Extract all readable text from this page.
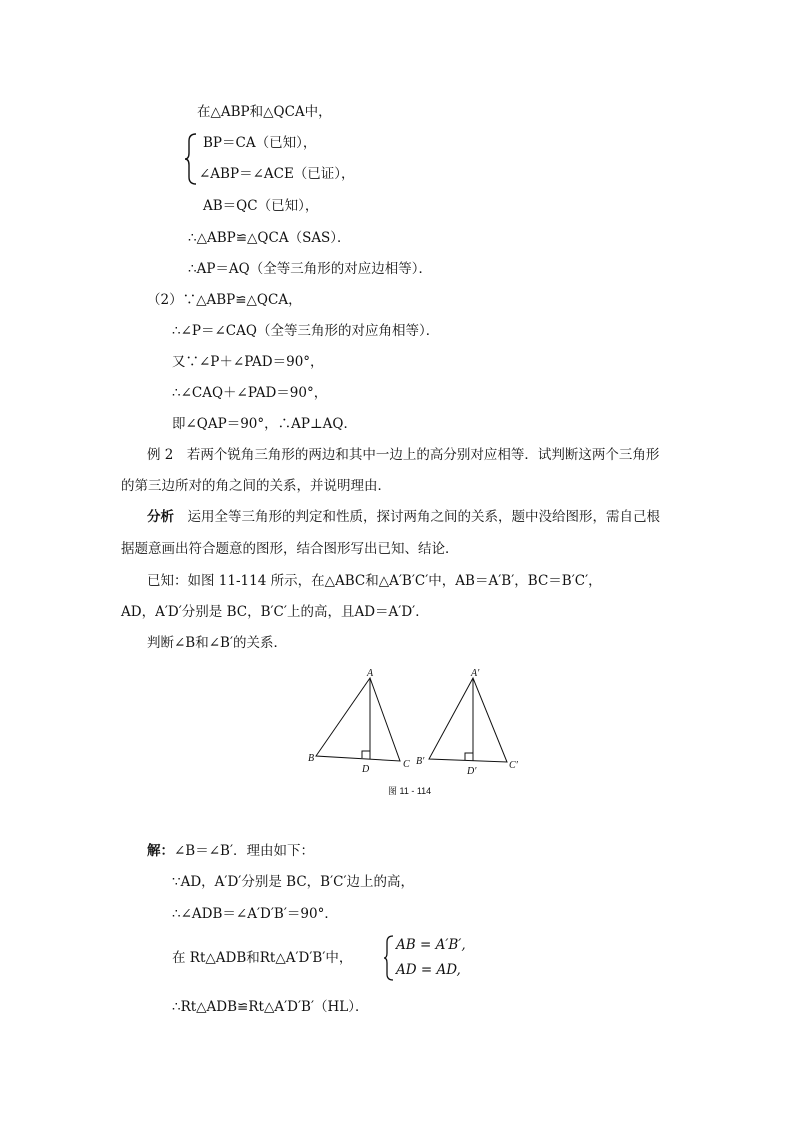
在△ABP和△QCA中，
BP＝CA（已知），
∠ABP＝∠ACE（已证），
AB＝QC（已知），
∴△ABP≌△QCA（SAS）．
∴AP＝AQ（全等三角形的对应边相等）．
（2）∵△ABP≌△QCA，
∴∠P＝∠CAQ（全等三角形的对应角相等）．
又∵∠P＋∠PAD＝90°，
∴∠CAQ＋∠PAD＝90°，
即∠QAP＝90°，∴AP⊥AQ．
例 2　若两个锐角三角形的两边和其中一边上的高分别对应相等．试判断这两个三角形
的第三边所对的角之间的关系，并说明理由．
分析　运用全等三角形的判定和性质，探讨两角之间的关系，题中没给图形，需自己根
据题意画出符合题意的图形，结合图形写出已知、结论．
已知：如图 11-114 所示，在△ABC和△A′B′C′中，AB＝A′B′，BC＝B′C′，
AD，A′D′分别是 BC，B′C′上的高，且AD＝A′D′．
判断∠B和∠B′的关系．
A
B
C
D
A′
B′	C′
D′
图 11 - 114
解：∠B＝∠B′．理由如下：
∵AD，A′D′分别是 BC，B′C′边上的高，
∴∠ADB＝∠A′D′B′＝90°．
在 Rt△ADB和Rt△A′D′B′中，
AB = A′B′,
AD = AD,
∴Rt△ADB≌Rt△A′D′B′（HL）．
